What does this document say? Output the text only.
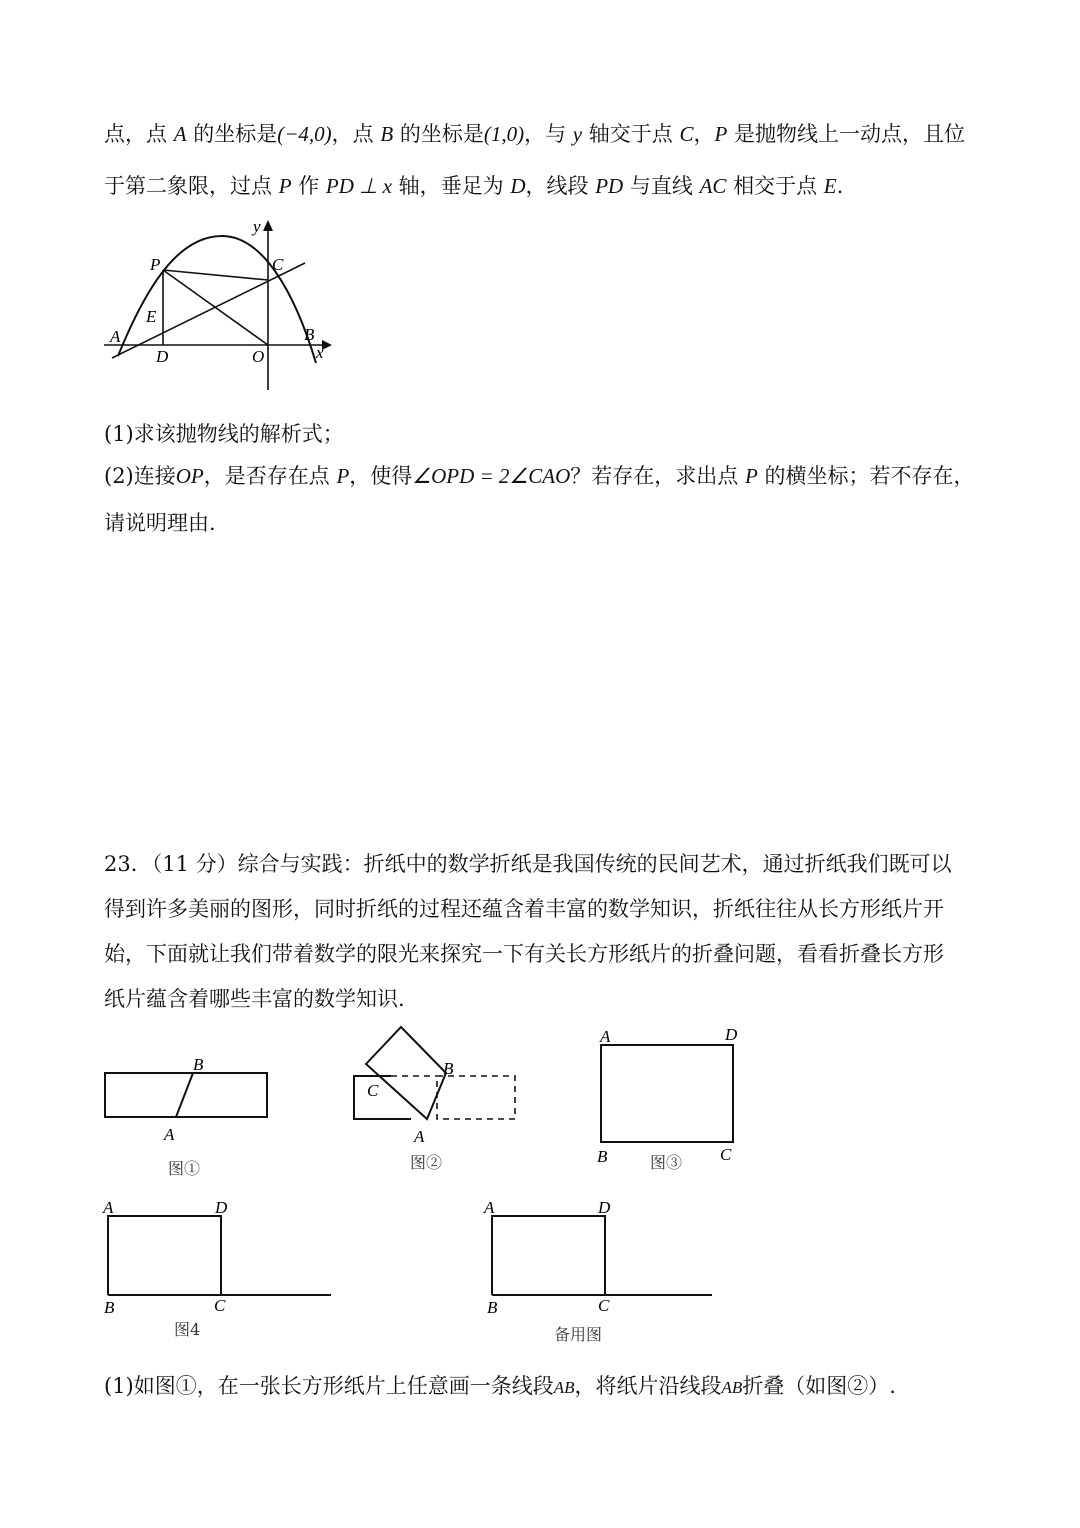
点，点 A 的坐标是(−4,0)，点 B 的坐标是(1,0)，与 y 轴交于点 C，P 是抛物线上一动点，且位
于第二象限，过点 P 作 PD ⊥ x 轴，垂足为 D，线段 PD 与直线 AC 相交于点 E.
y
x
P	C
E
A
D	O
B
(1)求该抛物线的解析式；
(2)连接OP，是否存在点 P，使得∠OPD = 2∠CAO？若存在，求出点 P 的横坐标；若不存在，
请说明理由.
23．（11 分）综合与实践：折纸中的数学折纸是我国传统的民间艺术，通过折纸我们既可以
得到许多美丽的图形，同时折纸的过程还蕴含着丰富的数学知识，折纸往往从长方形纸片开
始，下面就让我们带着数学的限光来探究一下有关长方形纸片的折叠问题，看看折叠长方形
纸片蕴含着哪些丰富的数学知识.
B
A
图①
C
B
A
图②
A	D
B	C
图③
A	D
B	C
图4
A	D
B	C
备用图
(1)如图①，在一张长方形纸片上任意画一条线段AB，将纸片沿线段AB折叠（如图②）.
